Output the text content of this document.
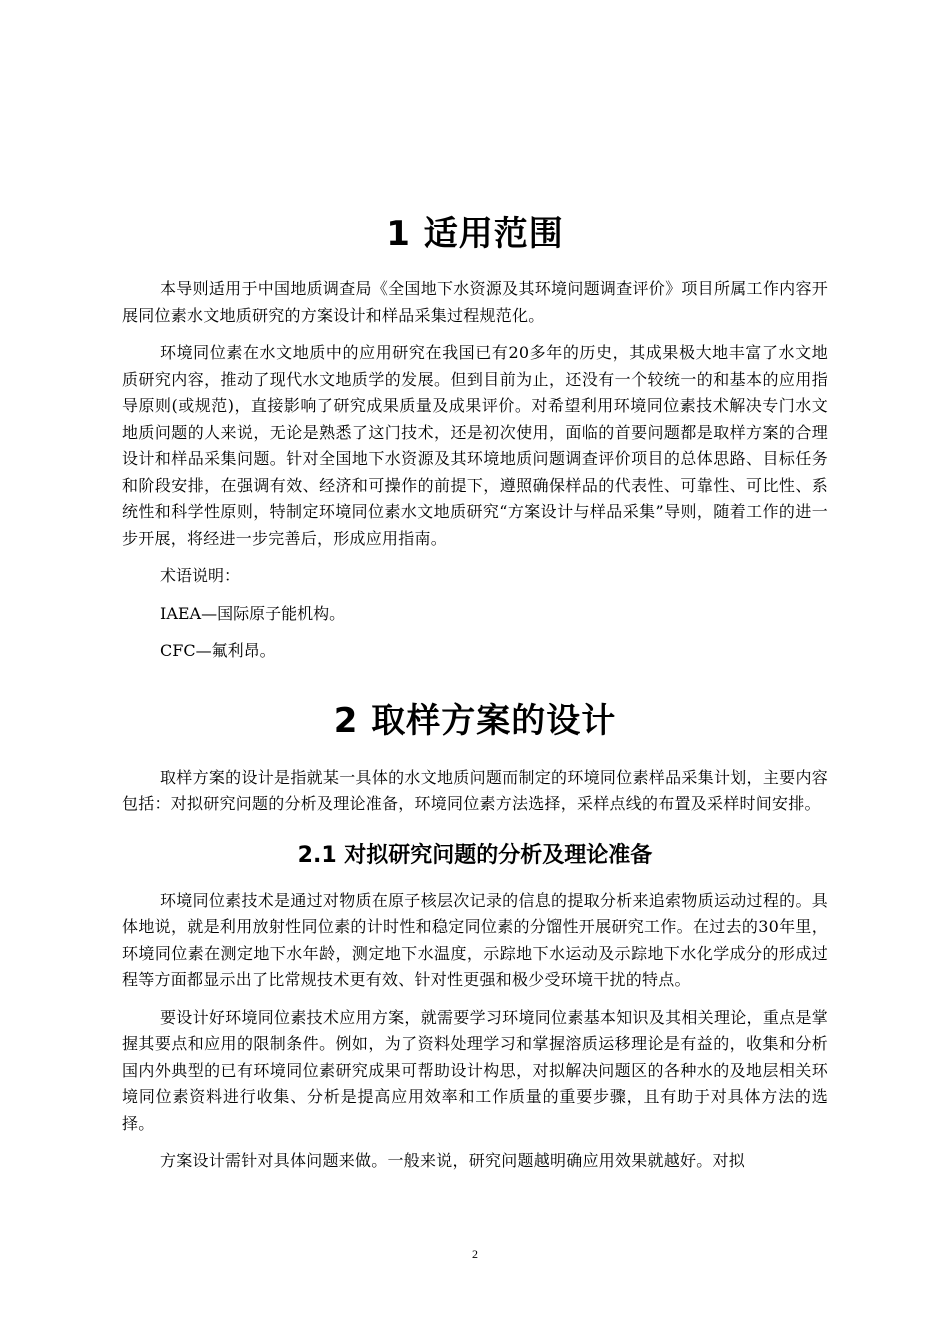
1 适用范围

本导则适用于中国地质调查局《全国地下水资源及其环境问题调查评价》项目所属工作内容开展同位素水文地质研究的方案设计和样品采集过程规范化。

环境同位素在水文地质中的应用研究在我国已有20多年的历史，其成果极大地丰富了水文地质研究内容，推动了现代水文地质学的发展。但到目前为止，还没有一个较统一的和基本的应用指导原则(或规范)，直接影响了研究成果质量及成果评价。对希望利用环境同位素技术解决专门水文地质问题的人来说，无论是熟悉了这门技术，还是初次使用，面临的首要问题都是取样方案的合理设计和样品采集问题。针对全国地下水资源及其环境地质问题调查评价项目的总体思路、目标任务和阶段安排，在强调有效、经济和可操作的前提下，遵照确保样品的代表性、可靠性、可比性、系统性和科学性原则，特制定环境同位素水文地质研究“方案设计与样品采集”导则，随着工作的进一步开展，将经进一步完善后，形成应用指南。

术语说明：

IAEA—国际原子能机构。

CFC—氟利昂。

2 取样方案的设计

取样方案的设计是指就某一具体的水文地质问题而制定的环境同位素样品采集计划，主要内容包括：对拟研究问题的分析及理论准备，环境同位素方法选择，采样点线的布置及采样时间安排。

2.1 对拟研究问题的分析及理论准备

环境同位素技术是通过对物质在原子核层次记录的信息的提取分析来追索物质运动过程的。具体地说，就是利用放射性同位素的计时性和稳定同位素的分馏性开展研究工作。在过去的30年里，环境同位素在测定地下水年龄，测定地下水温度，示踪地下水运动及示踪地下水化学成分的形成过程等方面都显示出了比常规技术更有效、针对性更强和极少受环境干扰的特点。

要设计好环境同位素技术应用方案，就需要学习环境同位素基本知识及其相关理论，重点是掌握其要点和应用的限制条件。例如，为了资料处理学习和掌握溶质运移理论是有益的，收集和分析国内外典型的已有环境同位素研究成果可帮助设计构思，对拟解决问题区的各种水的及地层相关环境同位素资料进行收集、分析是提高应用效率和工作质量的重要步骤，且有助于对具体方法的选择。

方案设计需针对具体问题来做。一般来说，研究问题越明确应用效果就越好。对拟

2
